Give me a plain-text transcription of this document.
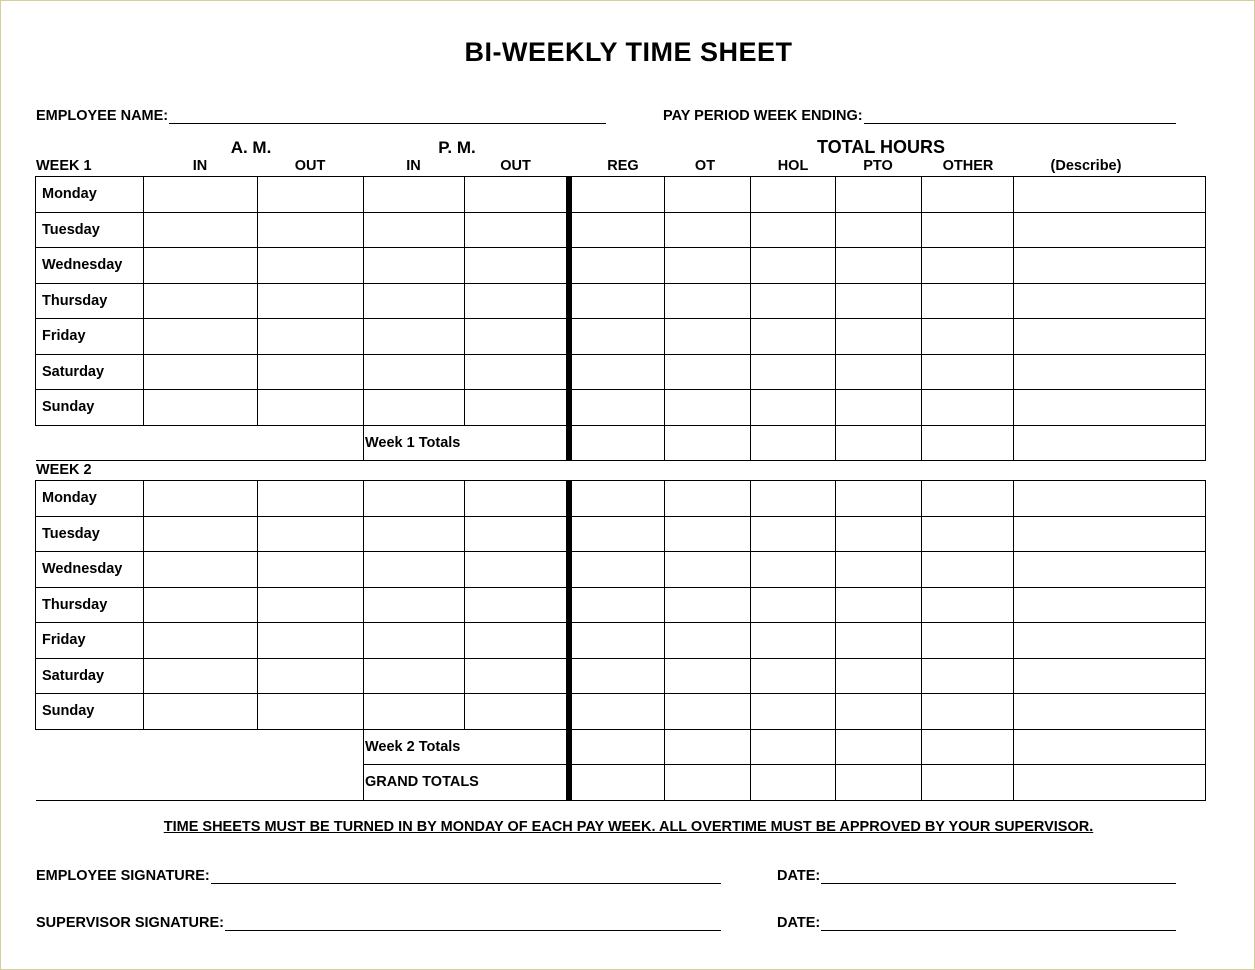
BI-WEEKLY TIME SHEET
EMPLOYEE NAME:	PAY PERIOD WEEK ENDING:
A. M.	P. M.	TOTAL HOURS
WEEK 1	IN	OUT	IN	OUT	REG	OT	HOL	PTO	OTHER	(Describe)
Monday										
Tuesday										
Wednesday										
Thursday										
Friday										
Saturday										
Sunday										
			Week 1 Totals							
WEEK 2
Monday										
Tuesday										
Wednesday										
Thursday										
Friday										
Saturday										
Sunday										
			Week 2 Totals							
			GRAND TOTALS							
TIME SHEETS MUST BE TURNED IN BY MONDAY OF EACH PAY WEEK. ALL OVERTIME MUST BE APPROVED BY YOUR SUPERVISOR.
EMPLOYEE SIGNATURE:	DATE:
SUPERVISOR SIGNATURE:	DATE:
